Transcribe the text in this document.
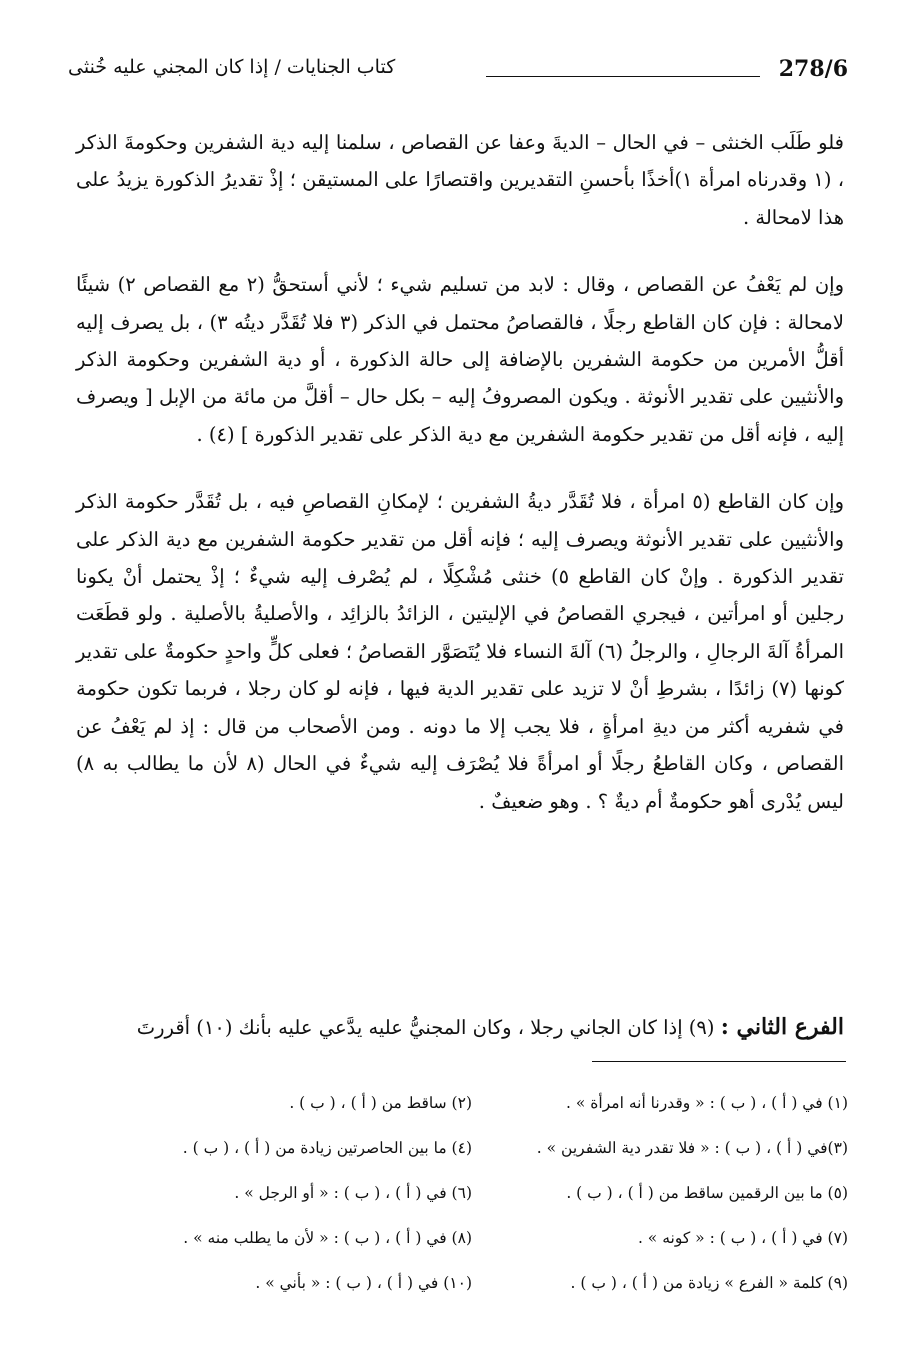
278/6
كتاب الجنايات / إذا كان المجني عليه خُنثى

فلو طَلَب الخنثى – في الحال – الديةَ وعفا عن القصاص ، سلمنا إليه دية الشفرين وحكومةَ الذكر ، (١ وقدرناه امرأة ١)أخذًا بأحسنِ التقديرين واقتصارًا على المستيقن ؛ إذْ تقديرُ الذكورة يزيدُ على هذا لامحالة .

وإن لم يَعْفُ عن القصاص ، وقال : لابد من تسليم شيء ؛ لأني أستحقُّ (٢ مع القصاص ٢) شيئًا لامحالة : فإن كان القاطع رجلًا ، فالقصاصُ محتمل في الذكر (٣ فلا تُقَدَّر ديتُه ٣) ، بل يصرف إليه أقلُّ الأمرين من حكومة الشفرين بالإضافة إلى حالة الذكورة ، أو دية الشفرين وحكومة الذكر والأنثيين على تقدير الأنوثة . ويكون المصروفُ إليه – بكل حال – أقلَّ من مائة من الإبل [ ويصرف إليه ، فإنه أقل من تقدير حكومة الشفرين مع دية الذكر على تقدير الذكورة ] (٤) .

وإن كان القاطع (٥ امرأة ، فلا تُقَدَّر ديةُ الشفرين ؛ لإمكانِ القصاصِ فيه ، بل تُقَدَّر حكومة الذكر والأنثيين على تقدير الأنوثة ويصرف إليه ؛ فإنه أقل من تقدير حكومة الشفرين مع دية الذكر على تقدير الذكورة . وإنْ كان القاطع ٥) خنثى مُشْكِلًا ، لم يُصْرف إليه شيءٌ ؛ إذْ يحتمل أنْ يكونا رجلين أو امرأتين ، فيجري القصاصُ في الإليتين ، الزائدُ بالزائِد ، والأصليةُ بالأصلية . ولو قطَعَت المرأةُ آلةَ الرجالِ ، والرجلُ (٦) آلةَ النساء فلا يُتَصَوَّر القصاصُ ؛ فعلى كلٍّ واحدٍ حكومةٌ على تقدير كونها (٧) زائدًا ، بشرطِ أنْ لا تزيد على تقدير الدية فيها ، فإنه لو كان رجلا ، فربما تكون حكومة في شفريه أكثر من ديةِ امرأةٍ ، فلا يجب إلا ما دونه . ومن الأصحاب من قال : إذ لم يَعْفُ عن القصاص ، وكان القاطعُ رجلًا أو امرأةً فلا يُصْرَف إليه شيءٌ في الحال (٨ لأن ما يطالب به ٨) ليس يُدْرى أهو حكومةٌ أم ديةٌ ؟ . وهو ضعيفٌ .

الفرع الثاني : (٩) إذا كان الجاني رجلا ، وكان المجنيُّ عليه يدَّعي عليه بأنك (١٠) أقررتَ
(١) في ( أ ) ، ( ب ) : « وقدرنا أنه امرأة » .
(٢) ساقط من ( أ ) ، ( ب ) .
(٣)في ( أ ) ، ( ب ) : « فلا تقدر دية الشفرين » .
(٤) ما بين الحاصرتين زيادة من ( أ ) ، ( ب ) .
(٥) ما بين الرقمين ساقط من ( أ ) ، ( ب ) .
(٦) في ( أ ) ، ( ب ) : « أو الرجل » .
(٧) في ( أ ) ، ( ب ) : « كونه » .
(٨) في ( أ ) ، ( ب ) : « لأن ما يطلب منه » .
(٩) كلمة « الفرع » زيادة من ( أ ) ، ( ب ) .
(١٠) في ( أ ) ، ( ب ) : « بأني » .
